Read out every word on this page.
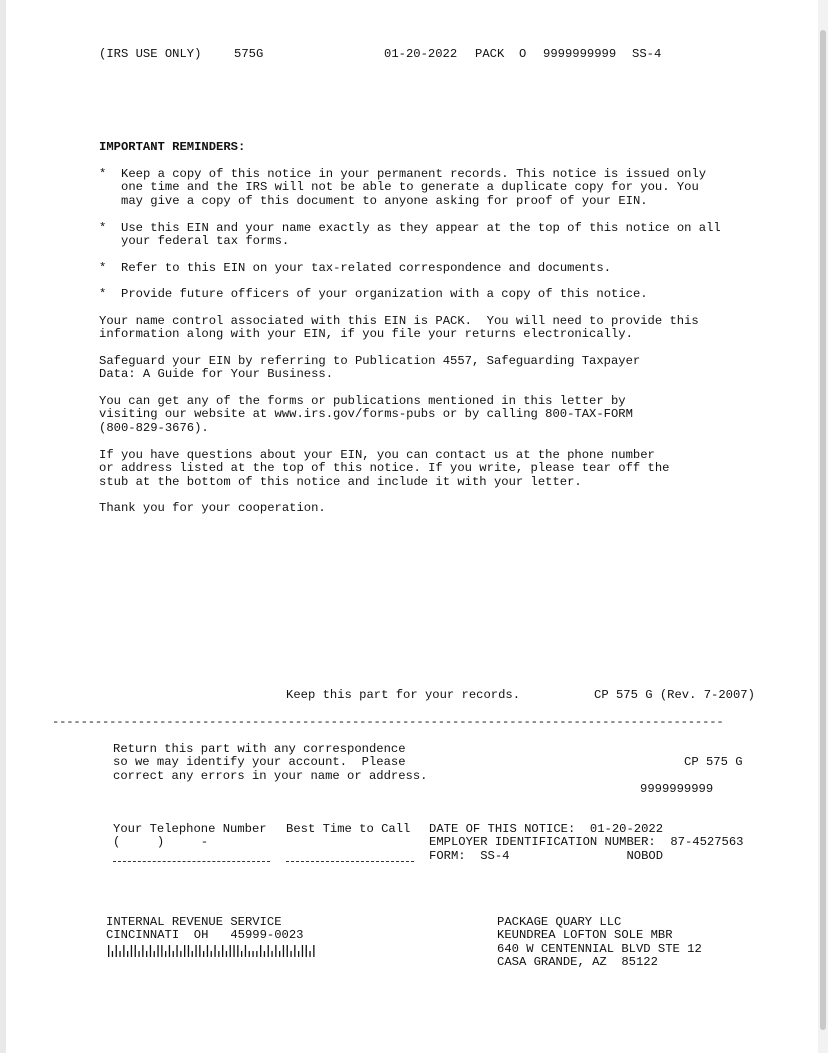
(IRS USE ONLY)	575G	01-20-2022 PACK O 9999999999 SS-4
IMPORTANT REMINDERS:
* Keep a copy of this notice in your permanent records. This notice is issued only
one time and the IRS will not be able to generate a duplicate copy for you. You
may give a copy of this document to anyone asking for proof of your EIN.
* Use this EIN and your name exactly as they appear at the top of this notice on all
your federal tax forms.
* Refer to this EIN on your tax-related correspondence and documents.
* Provide future officers of your organization with a copy of this notice.
Your name control associated with this EIN is PACK.  You will need to provide this
information along with your EIN, if you file your returns electronically.
Safeguard your EIN by referring to Publication 4557, Safeguarding Taxpayer
Data: A Guide for Your Business.
You can get any of the forms or publications mentioned in this letter by
visiting our website at www.irs.gov/forms-pubs or by calling 800-TAX-FORM
(800-829-3676).
If you have questions about your EIN, you can contact us at the phone number
or address listed at the top of this notice. If you write, please tear off the
stub at the bottom of this notice and include it with your letter.
Thank you for your cooperation.
Keep this part for your records.	CP 575 G (Rev. 7-2007)
----------------------------------------------------------------------------------------------
Return this part with any correspondence
so we may identify your account.  Please
correct any errors in your name or address.
CP 575 G
9999999999
Your Telephone Number
(     )     -
Best Time to Call DATE OF THIS NOTICE:  01-20-2022
EMPLOYER IDENTIFICATION NUMBER:  87-4527563
FORM:  SS-4                NOBOD
INTERNAL REVENUE SERVICE
CINCINNATI  OH   45999-0023
PACKAGE QUARY LLC
KEUNDREA LOFTON SOLE MBR
640 W CENTENNIAL BLVD STE 12
CASA GRANDE, AZ  85122
